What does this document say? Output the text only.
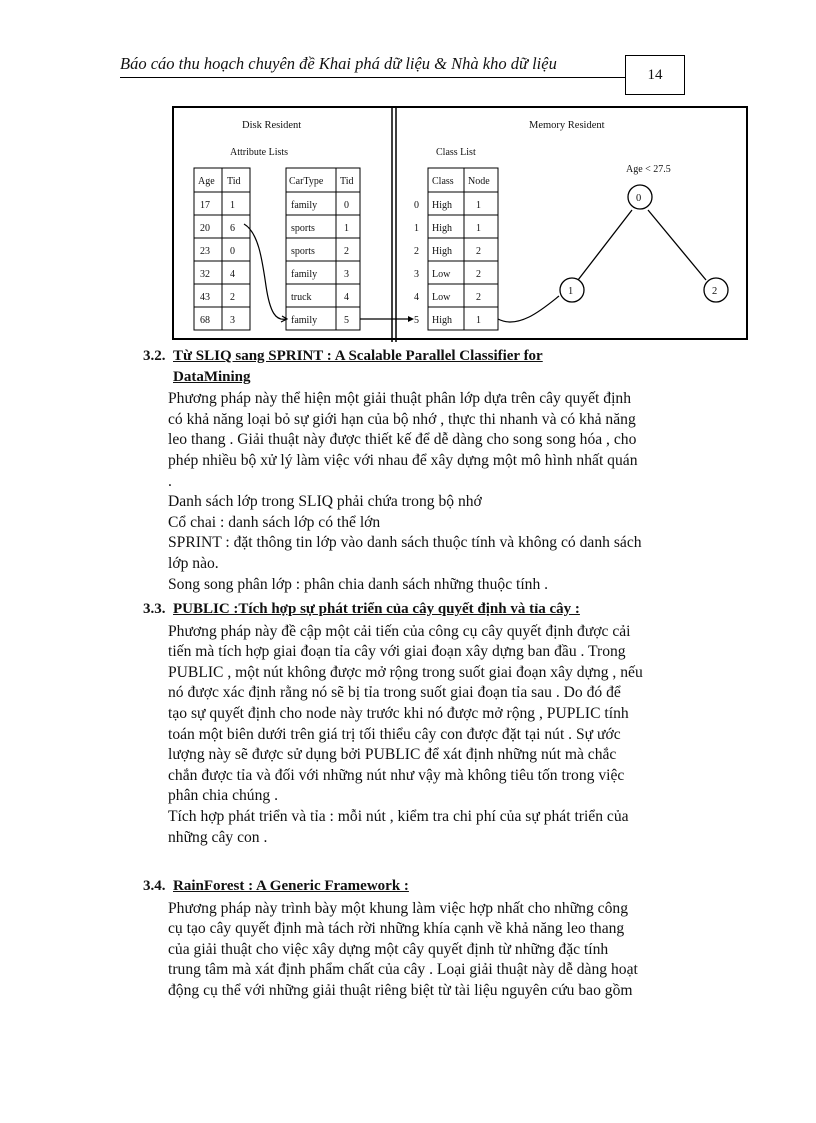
Báo cáo thu hoạch chuyên đề Khai phá dữ liệu & Nhà kho dữ liệu
14
Disk Resident
Attribute Lists
Memory Resident
Class List
Age Tid
17 1
20 6
23 0
32 4
43 2
68 3
CarType Tid
family	0
sports	1
sports	2
family	3
truck	4
family	5
Class Node
0 High 1
1 High 1
2 High 2
3 Low	2
4 Low	2
5 High 1
0
1	2
Age < 27.5
3.2. Từ SLIQ sang SPRINT : A Scalable Parallel Classifier for
DataMining
Phương pháp này thể hiện một giải thuật phân lớp dựa trên cây quyết định
có khả năng loại bỏ sự giới hạn của bộ nhớ , thực thi nhanh và có khả năng
leo thang . Giải thuật này được thiết kế để dễ dàng cho song song hóa , cho
phép nhiều bộ xử lý làm việc với nhau để xây dựng một mô hình nhất quán
.
Danh sách lớp trong SLIQ phải chứa trong bộ nhớ
Cổ chai : danh sách lớp có thể lớn
SPRINT : đặt thông tin lớp vào danh sách thuộc tính và không có danh sách
lớp nào.
Song song phân lớp : phân chia danh sách những thuộc tính .
3.3. PUBLIC :Tích hợp sự phát triển của cây quyết định và tỉa cây :
Phương pháp này đề cập một cải tiến của công cụ cây quyết định được cải
tiến mà tích hợp giai đoạn tỉa cây với giai đoạn xây dựng ban đầu . Trong
PUBLIC , một nút không được mở rộng trong suốt giai đoạn xây dựng , nếu
nó được xác định rằng nó sẽ bị tỉa trong suốt giai đoạn tỉa sau . Do đó để
tạo sự quyết định cho node này trước khi nó được mở rộng , PUPLIC tính
toán một biên dưới trên giá trị tối thiểu cây con được đặt tại nút . Sự ước
lượng này sẽ được sử dụng bởi PUBLIC để xát định những nút mà chắc
chắn được tỉa và đối với những nút như vậy mà không tiêu tốn trong việc
phân chia chúng .
Tích hợp phát triển và tỉa : mỗi nút , kiểm tra chi phí của sự phát triển của
những cây con .
3.4. RainForest : A Generic Framework :
Phương pháp này trình bày một khung làm việc hợp nhất cho những công
cụ tạo cây quyết định mà tách rời những khía cạnh về khả năng leo thang
của giải thuật cho việc xây dựng một cây quyết định từ những đặc tính
trung tâm mà xát định phẩm chất của cây . Loại giải thuật này dễ dàng hoạt
động cụ thể với những giải thuật riêng biệt từ tài liệu nguyên cứu bao gồm
